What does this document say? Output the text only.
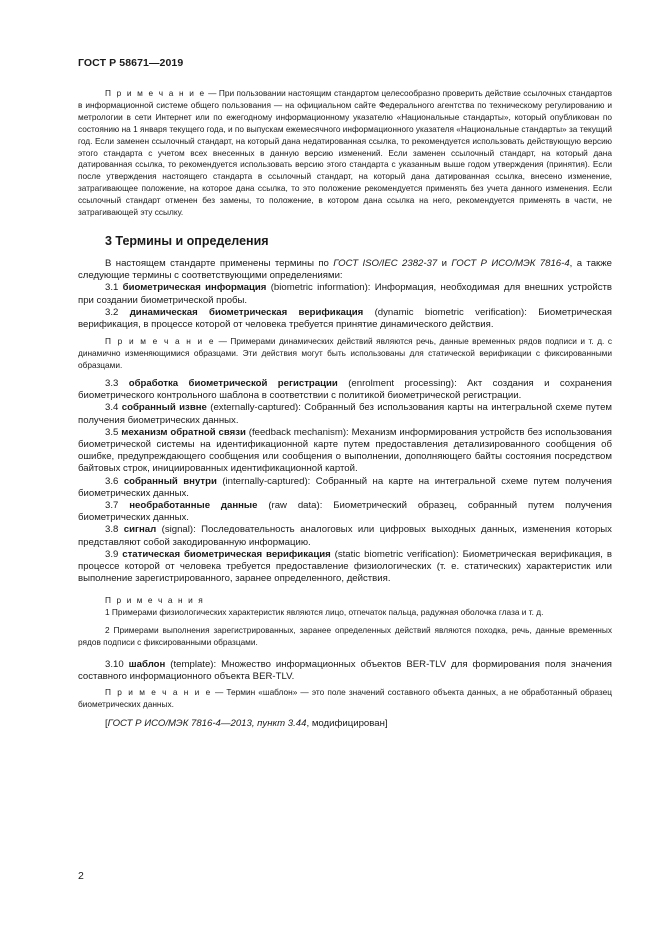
ГОСТ Р 58671—2019

П р и м е ч а н и е — При пользовании настоящим стандартом целесообразно проверить действие ссылочных стандартов в информационной системе общего пользования — на официальном сайте Федерального агентства по техническому регулированию и метрологии в сети Интернет или по ежегодному информационному указателю «Национальные стандарты», который опубликован по состоянию на 1 января текущего года, и по выпускам ежемесячного информационного указателя «Национальные стандарты» за текущий год. Если заменен ссылочный стандарт, на который дана недатированная ссылка, то рекомендуется использовать действующую версию этого стандарта с учетом всех внесенных в данную версию изменений. Если заменен ссылочный стандарт, на который дана датированная ссылка, то рекомендуется использовать версию этого стандарта с указанным выше годом утверждения (принятия). Если после утверждения настоящего стандарта в ссылочный стандарт, на который дана датированная ссылка, внесено изменение, затрагивающее положение, на которое дана ссылка, то это положение рекомендуется применять без учета данного изменения. Если ссылочный стандарт отменен без замены, то положение, в котором дана ссылка на него, рекомендуется применять в части, не затрагивающей эту ссылку.

3 Термины и определения

В настоящем стандарте применены термины по ГОСТ ISO/IEC 2382-37 и ГОСТ Р ИСО/МЭК 7816-4, а также следующие термины с соответствующими определениями:

3.1 биометрическая информация (biometric information): Информация, необходимая для внешних устройств при создании биометрической пробы.

3.2 динамическая биометрическая верификация (dynamic biometric verification): Биометрическая верификация, в процессе которой от человека требуется принятие динамического действия.

П р и м е ч а н и е — Примерами динамических действий являются речь, данные временных рядов подписи и т. д. с динамично изменяющимися образцами. Эти действия могут быть использованы для статической верификации с фиксированными образцами.

3.3 обработка биометрической регистрации (enrolment processing): Акт создания и сохранения биометрического контрольного шаблона в соответствии с политикой биометрической регистрации.

3.4 собранный извне (externally-captured): Собранный без использования карты на интегральной схеме путем получения биометрических данных.

3.5 механизм обратной связи (feedback mechanism): Механизм информирования устройств без использования биометрической системы на идентификационной карте путем предоставления детализированного сообщения об ошибке, предупреждающего сообщения или сообщения о выполнении, дополняющего байты состояния посредством байтовых строк, инициированных идентификационной картой.

3.6 собранный внутри (internally-captured): Собранный на карте на интегральной схеме путем получения биометрических данных.

3.7 необработанные данные (raw data): Биометрический образец, собранный путем получения биометрических данных.

3.8 сигнал (signal): Последовательность аналоговых или цифровых выходных данных, изменения которых представляют собой закодированную информацию.

3.9 статическая биометрическая верификация (static biometric verification): Биометрическая верификация, в процессе которой от человека требуется предоставление физиологических (т. е. статических) характеристик или выполнение зарегистрированного, заранее определенного, действия.

П р и м е ч а н и я

1 Примерами физиологических характеристик являются лицо, отпечаток пальца, радужная оболочка глаза и т. д.

2 Примерами выполнения зарегистрированных, заранее определенных действий являются походка, речь, данные временных рядов подписи с фиксированными образцами.

3.10 шаблон (template): Множество информационных объектов BER-TLV для формирования поля значения составного информационного объекта BER-TLV.

П р и м е ч а н и е — Термин «шаблон» — это поле значений составного объекта данных, а не обработанный образец биометрических данных.

[ГОСТ Р ИСО/МЭК 7816-4—2013, пункт 3.44, модифицирован]

2
